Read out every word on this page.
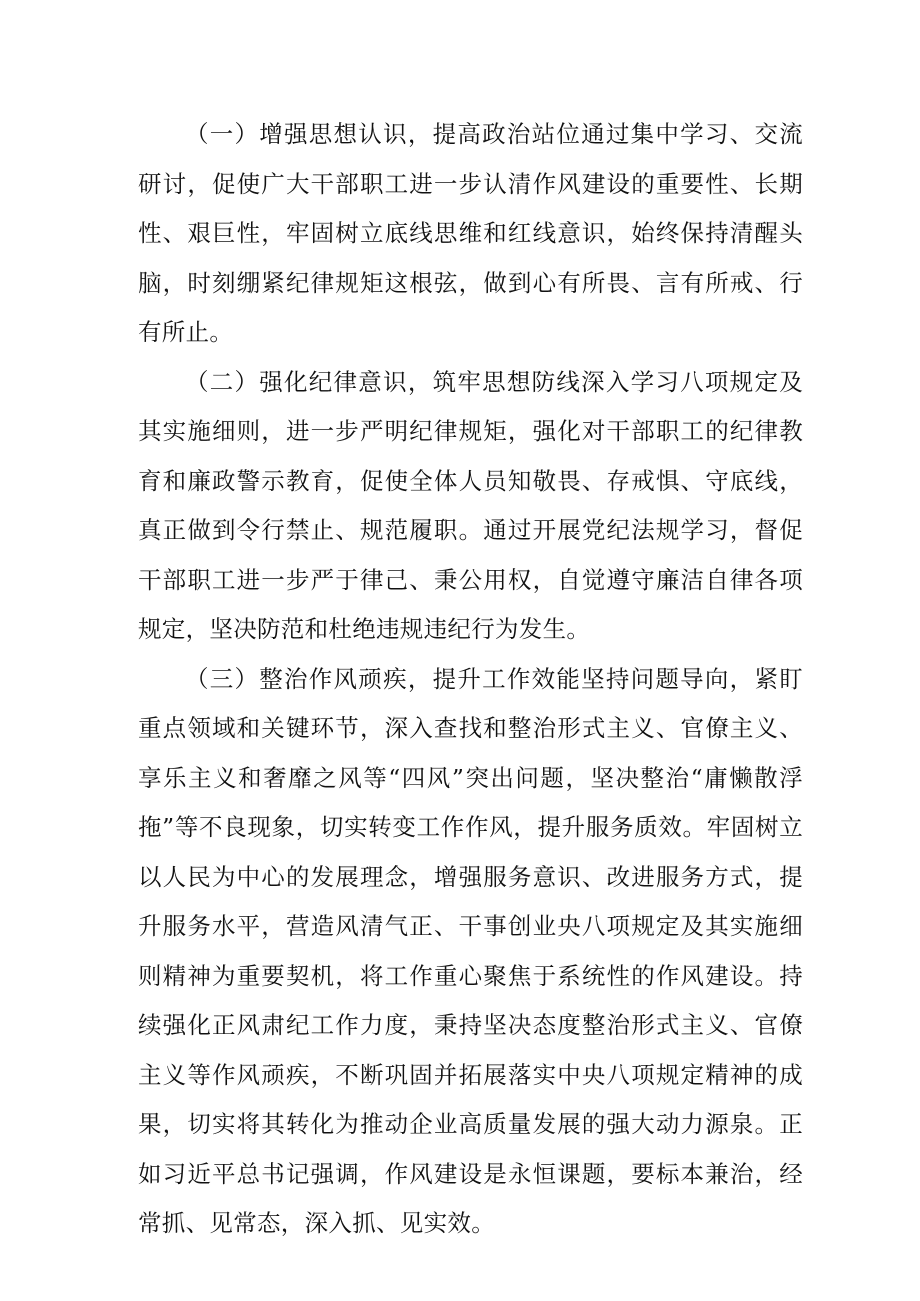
（一）增强思想认识，提高政治站位通过集中学习、交流研讨，促使广大干部职工进一步认清作风建设的重要性、长期性、艰巨性，牢固树立底线思维和红线意识，始终保持清醒头脑，时刻绷紧纪律规矩这根弦，做到心有所畏、言有所戒、行有所止。

（二）强化纪律意识，筑牢思想防线深入学习八项规定及其实施细则，进一步严明纪律规矩，强化对干部职工的纪律教育和廉政警示教育，促使全体人员知敬畏、存戒惧、守底线，真正做到令行禁止、规范履职。通过开展党纪法规学习，督促干部职工进一步严于律己、秉公用权，自觉遵守廉洁自律各项规定，坚决防范和杜绝违规违纪行为发生。

（三）整治作风顽疾，提升工作效能坚持问题导向，紧盯重点领域和关键环节，深入查找和整治形式主义、官僚主义、享乐主义和奢靡之风等“四风”突出问题，坚决整治“庸懒散浮拖”等不良现象，切实转变工作作风，提升服务质效。牢固树立以人民为中心的发展理念，增强服务意识、改进服务方式，提升服务水平，营造风清气正、干事创业央八项规定及其实施细则精神为重要契机，将工作重心聚焦于系统性的作风建设。持续强化正风肃纪工作力度，秉持坚决态度整治形式主义、官僚主义等作风顽疾，不断巩固并拓展落实中央八项规定精神的成果，切实将其转化为推动企业高质量发展的强大动力源泉。正如习近平总书记强调，作风建设是永恒课题，要标本兼治，经常抓、见常态，深入抓、见实效。
